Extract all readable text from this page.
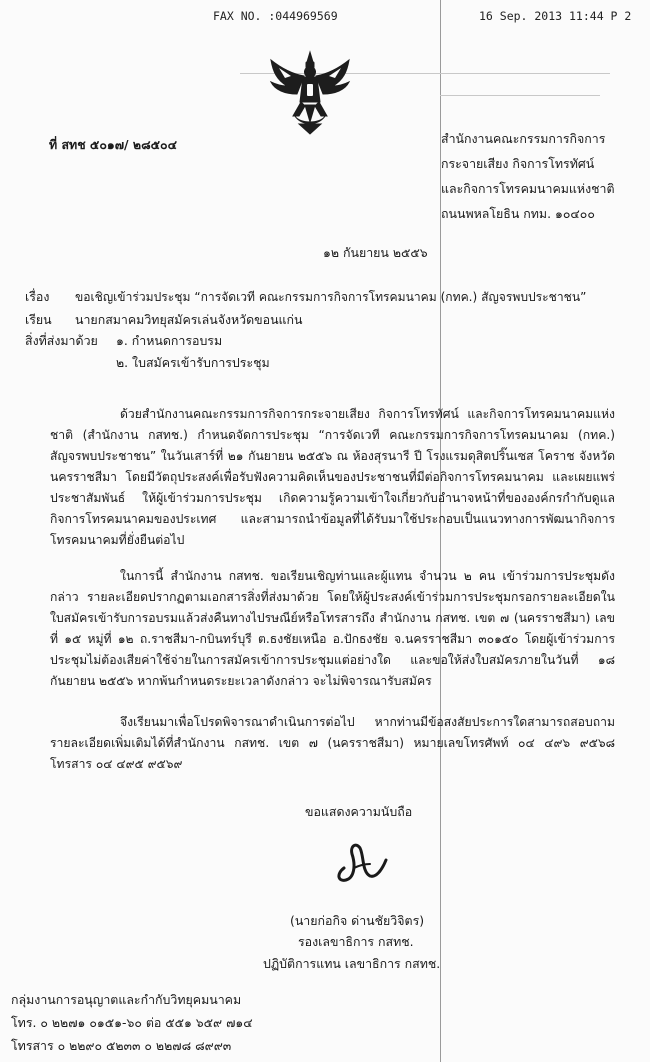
FAX NO. :044969569	16 Sep. 2013 11:44 P 2
ที่ สทช ๕๐๑๗/ ๒๘๕๐๔	สำนักงานคณะกรรมการกิจการ
กระจายเสียง กิจการโทรทัศน์
และกิจการโทรคมนาคมแห่งชาติ
ถนนพหลโยธิน กทม. ๑๐๔๐๐
๑๒ กันยายน ๒๕๕๖
เรื่อง ขอเชิญเข้าร่วมประชุม “การจัดเวที คณะกรรมการกิจการโทรคมนาคม (กทค.) สัญจรพบประชาชน”
เรียน นายกสมาคมวิทยุสมัครเล่นจังหวัดขอนแก่น
สิ่งที่ส่งมาด้วย ๑. กำหนดการอบรม
๒. ใบสมัครเข้ารับการประชุม
ด้วยสำนักงานคณะกรรมการกิจการกระจายเสียง กิจการโทรทัศน์ และกิจการโทรคมนาคมแห่งชาติ (สำนักงาน กสทช.) กำหนดจัดการประชุม “การจัดเวที คณะกรรมการกิจการโทรคมนาคม (กทค.) สัญจรพบประชาชน” ในวันเสาร์ที่ ๒๑ กันยายน ๒๕๕๖ ณ ห้องสุรนารี ปี โรงแรมดุสิตปริ๊นเซส โคราช จังหวัดนครราชสีมา โดยมีวัตถุประสงค์เพื่อรับฟังความคิดเห็นของประชาชนที่มีต่อกิจการโทรคมนาคม และเผยแพร่ประชาสัมพันธ์ ให้ผู้เข้าร่วมการประชุม เกิดความรู้ความเข้าใจเกี่ยวกับอำนาจหน้าที่ขององค์กรกำกับดูแลกิจการโทรคมนาคมของประเทศ และสามารถนำข้อมูลที่ได้รับมาใช้ประกอบเป็นแนวทางการพัฒนากิจการโทรคมนาคมที่ยั่งยืนต่อไป
ในการนี้ สำนักงาน กสทช. ขอเรียนเชิญท่านและผู้แทน จำนวน ๒ คน เข้าร่วมการประชุมดังกล่าว รายละเอียดปรากฏตามเอกสารสิ่งที่ส่งมาด้วย โดยให้ผู้ประสงค์เข้าร่วมการประชุมกรอกรายละเอียดในใบสมัครเข้ารับการอบรมแล้วส่งคืนทางไปรษณีย์หรือโทรสารถึง สำนักงาน กสทช. เขต ๗ (นครราชสีมา) เลขที่ ๑๕ หมู่ที่ ๑๒ ถ.ราชสีมา-กบินทร์บุรี ต.ธงชัยเหนือ อ.ปักธงชัย จ.นครราชสีมา ๓๐๑๕๐ โดยผู้เข้าร่วมการประชุมไม่ต้องเสียค่าใช้จ่ายในการสมัครเข้าการประชุมแต่อย่างใด และขอให้ส่งใบสมัครภายในวันที่ ๑๘ กันยายน ๒๕๕๖ หากพ้นกำหนดระยะเวลาดังกล่าว จะไม่พิจารณารับสมัคร
จึงเรียนมาเพื่อโปรดพิจารณาดำเนินการต่อไป หากท่านมีข้อสงสัยประการใดสามารถสอบถามรายละเอียดเพิ่มเติมได้ที่สำนักงาน กสทช. เขต ๗ (นครราชสีมา) หมายเลขโทรศัพท์ ๐๔ ๔๙๖ ๙๕๖๘ โทรสาร ๐๔ ๔๙๕ ๙๕๖๙
ขอแสดงความนับถือ
(นายก่อกิจ ด่านชัยวิจิตร)
รองเลขาธิการ กสทช.
ปฏิบัติการแทน เลขาธิการ กสทช.
กลุ่มงานการอนุญาตและกำกับวิทยุคมนาคม
โทร. ๐ ๒๒๗๑ ๐๑๕๑-๖๐ ต่อ ๕๕๑ ๖๕๙ ๗๑๔
โทรสาร ๐ ๒๒๙๐ ๕๒๓๓ ๐ ๒๒๗๘ ๘๙๙๓
